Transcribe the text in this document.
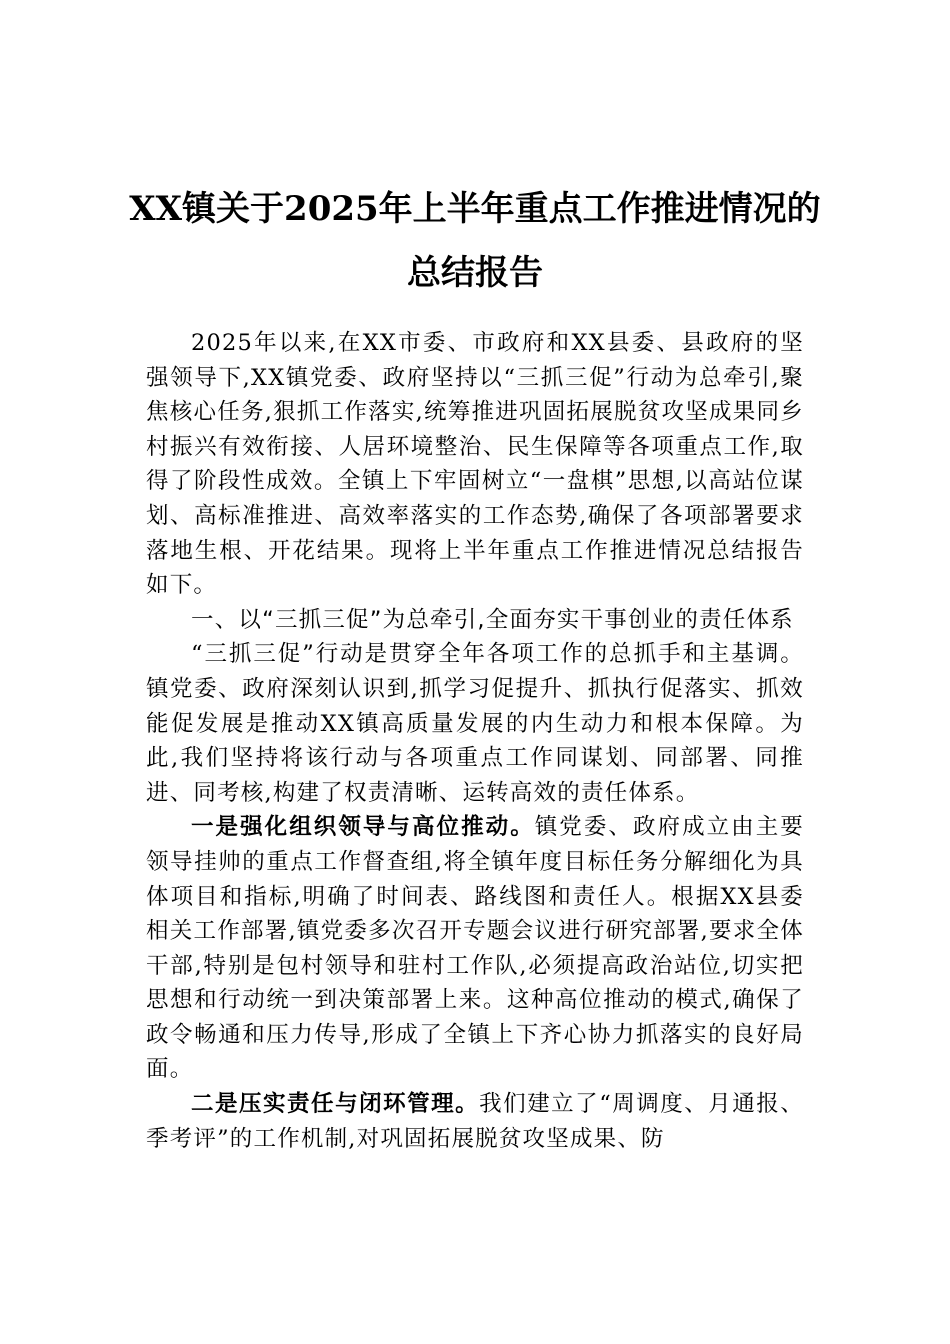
XX镇关于2025年上半年重点工作推进情况的总结报告

2025年以来,在XX市委、市政府和XX县委、县政府的坚强领导下,XX镇党委、政府坚持以“三抓三促”行动为总牵引,聚焦核心任务,狠抓工作落实,统筹推进巩固拓展脱贫攻坚成果同乡村振兴有效衔接、人居环境整治、民生保障等各项重点工作,取得了阶段性成效。全镇上下牢固树立“一盘棋”思想,以高站位谋划、高标准推进、高效率落实的工作态势,确保了各项部署要求落地生根、开花结果。现将上半年重点工作推进情况总结报告如下。

一、以“三抓三促”为总牵引,全面夯实干事创业的责任体系

“三抓三促”行动是贯穿全年各项工作的总抓手和主基调。镇党委、政府深刻认识到,抓学习促提升、抓执行促落实、抓效能促发展是推动XX镇高质量发展的内生动力和根本保障。为此,我们坚持将该行动与各项重点工作同谋划、同部署、同推进、同考核,构建了权责清晰、运转高效的责任体系。

一是强化组织领导与高位推动。镇党委、政府成立由主要领导挂帅的重点工作督查组,将全镇年度目标任务分解细化为具体项目和指标,明确了时间表、路线图和责任人。根据XX县委相关工作部署,镇党委多次召开专题会议进行研究部署,要求全体干部,特别是包村领导和驻村工作队,必须提高政治站位,切实把思想和行动统一到决策部署上来。这种高位推动的模式,确保了政令畅通和压力传导,形成了全镇上下齐心协力抓落实的良好局面。

二是压实责任与闭环管理。我们建立了“周调度、月通报、季考评”的工作机制,对巩固拓展脱贫攻坚成果、防
